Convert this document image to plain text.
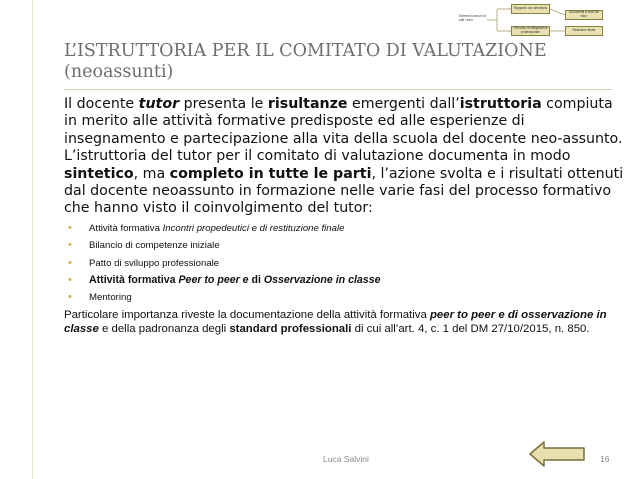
Elementi comuni di tutti i tutor
Rapporto con istruttoria
Documenti a cura del tutor
Percorso di integrazione professionale	Relazione finale
L’ISTRUTTORIA PER IL COMITATO DI VALUTAZIONE
(neoassunti)

Il docente tutor presenta le risultanze emergenti dall’istruttoria compiuta in merito alle attività formative predisposte ed alle esperienze di insegnamento e partecipazione alla vita della scuola del docente neo-assunto.

L’istruttoria del tutor per il comitato di valutazione documenta in modo sintetico, ma completo in tutte le parti, l’azione svolta e i risultati ottenuti dal docente neoassunto in formazione nelle varie fasi del processo formativo che hanno visto il coinvolgimento del tutor:

• Attività formativa Incontri propedeutici e di restituzione finale
• Bilancio di competenze iniziale
• Patto di sviluppo professionale
• Attività formativa Peer to peer e di Osservazione in classe
• Mentoring

Particolare importanza riveste la documentazione della attività formativa peer to peer e di osservazione in classe e della padronanza degli standard professionali di cui all’art. 4, c. 1 del DM 27/10/2015, n. 850.

Luca Salvini	16
